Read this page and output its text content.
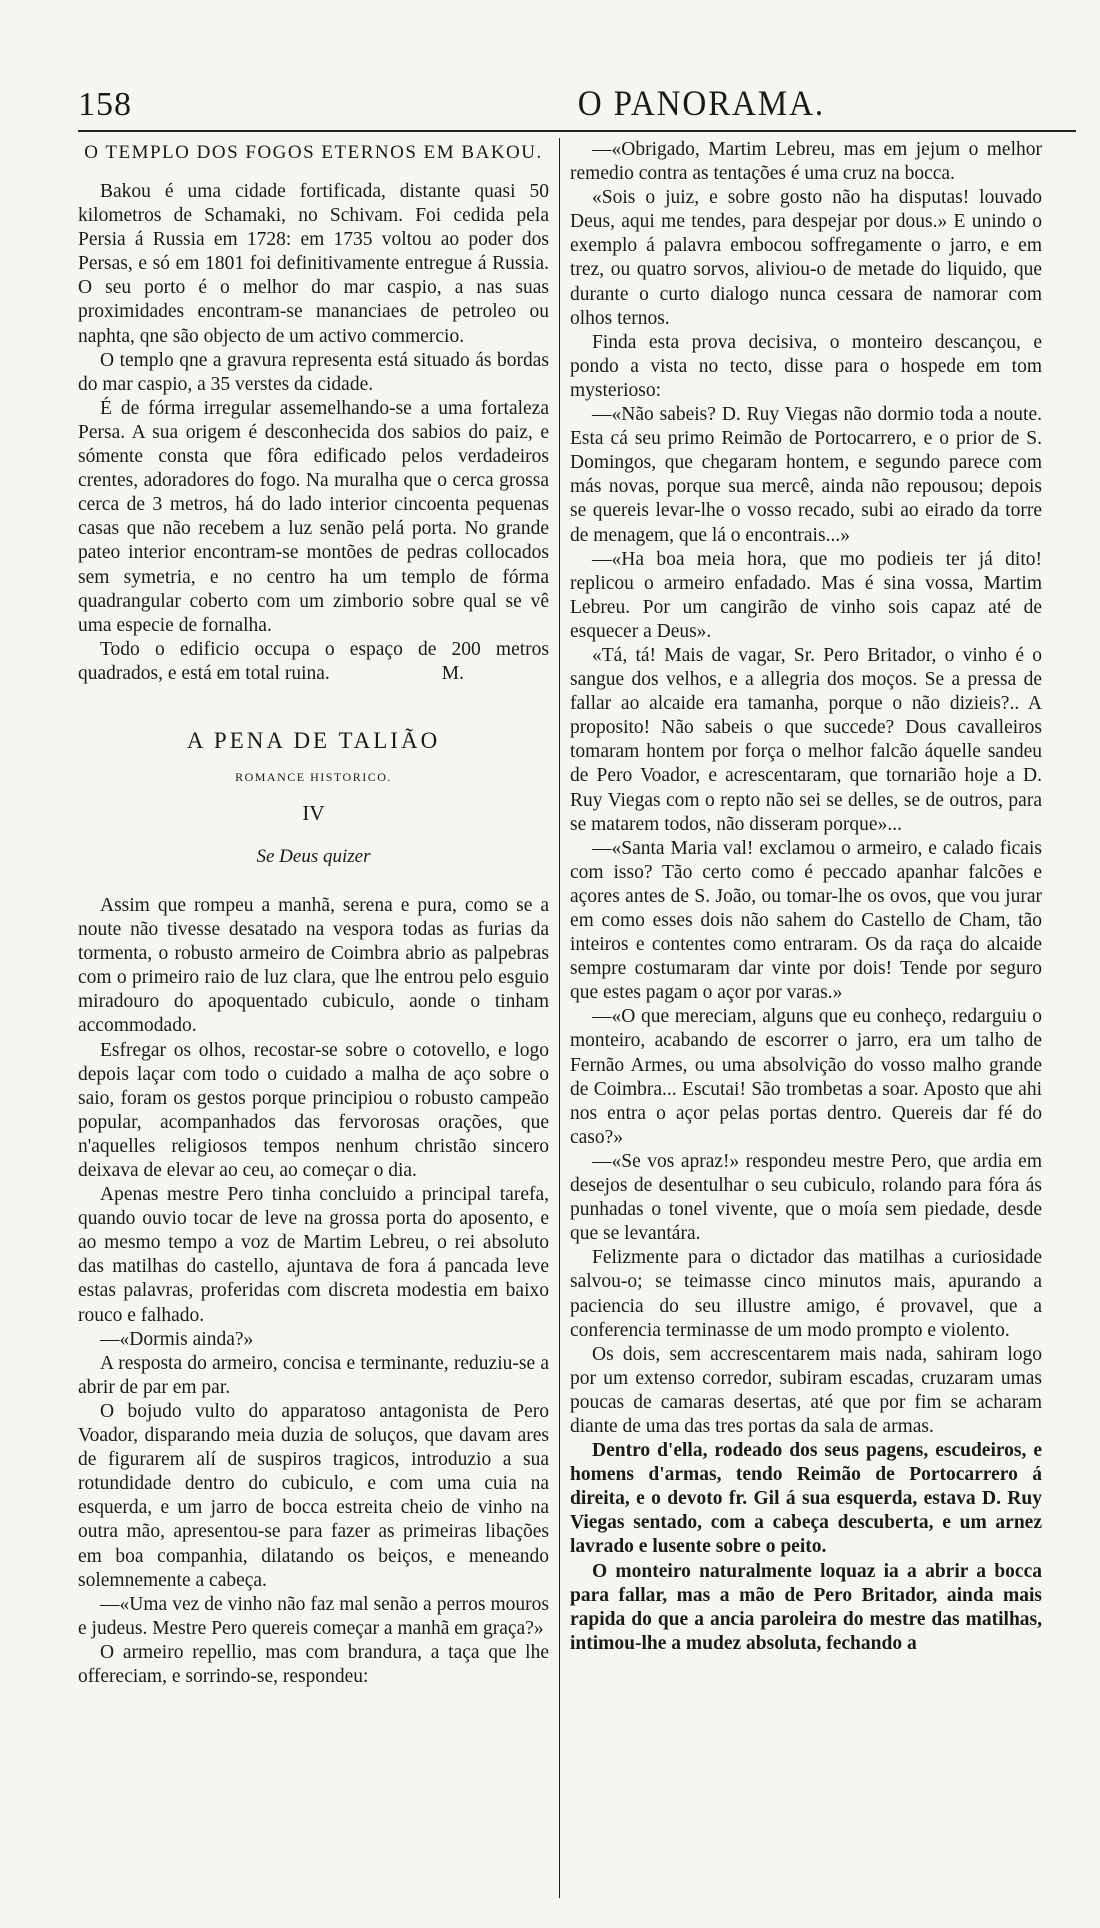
158	O PANORAMA.
O TEMPLO DOS FOGOS ETERNOS EM BAKOU.

Bakou é uma cidade fortificada, distante quasi 50 kilometros de Schamaki, no Schivam. Foi cedida pela Persia á Russia em 1728: em 1735 voltou ao poder dos Persas, e só em 1801 foi definitivamente entregue á Russia. O seu porto é o melhor do mar caspio, a nas suas proximidades encontram-se mananciaes de petroleo ou naphta, qne são objecto de um activo commercio.

O templo qne a gravura representa está situado ás bordas do mar caspio, a 35 verstes da cidade.

É de fórma irregular assemelhando-se a uma fortaleza Persa. A sua origem é desconhecida dos sabios do paiz, e sómente consta que fôra edificado pelos verdadeiros crentes, adoradores do fogo. Na muralha que o cerca grossa cerca de 3 metros, há do lado interior cincoenta pequenas casas que não recebem a luz senão pelá porta. No grande pateo interior encontram-se montões de pedras collocados sem symetria, e no centro ha um templo de fórma quadrangular coberto com um zimborio sobre qual se vê uma especie de fornalha.

Todo o edificio occupa o espaço de 200 metros quadrados, e está em total ruina.	M.

A PENA DE TALIÃO
ROMANCE HISTORICO.
IV
Se Deus quizer

Assim que rompeu a manhã, serena e pura, como se a noute não tivesse desatado na vespora todas as furias da tormenta, o robusto armeiro de Coimbra abrio as palpebras com o primeiro raio de luz clara, que lhe entrou pelo esguio miradouro do apoquentado cubiculo, aonde o tinham accommodado.

Esfregar os olhos, recostar-se sobre o cotovello, e logo depois laçar com todo o cuidado a malha de aço sobre o saio, foram os gestos porque principiou o robusto campeão popular, acompanhados das fervorosas orações, que n'aquelles religiosos tempos nenhum christão sincero deixava de elevar ao ceu, ao começar o dia.

Apenas mestre Pero tinha concluido a principal tarefa, quando ouvio tocar de leve na grossa porta do aposento, e ao mesmo tempo a voz de Martim Lebreu, o rei absoluto das matilhas do castello, ajuntava de fora á pancada leve estas palavras, proferidas com discreta modestia em baixo rouco e falhado.

—«Dormis ainda?»

A resposta do armeiro, concisa e terminante, reduziu-se a abrir de par em par.

O bojudo vulto do apparatoso antagonista de Pero Voador, disparando meia duzia de soluços, que davam ares de figurarem alí de suspiros tragicos, introduzio a sua rotundidade dentro do cubiculo, e com uma cuia na esquerda, e um jarro de bocca estreita cheio de vinho na outra mão, apresentou-se para fazer as primeiras libações em boa companhia, dilatando os beiços, e meneando solemnemente a cabeça.

—«Uma vez de vinho não faz mal senão a perros mouros e judeus. Mestre Pero quereis começar a manhã em graça?»

O armeiro repellio, mas com brandura, a taça que lhe offereciam, e sorrindo-se, respondeu:

—«Obrigado, Martim Lebreu, mas em jejum o melhor remedio contra as tentações é uma cruz na bocca.

«Sois o juiz, e sobre gosto não ha disputas! louvado Deus, aqui me tendes, para despejar por dous.» E unindo o exemplo á palavra embocou soffregamente o jarro, e em trez, ou quatro sorvos, aliviou-o de metade do liquido, que durante o curto dialogo nunca cessara de namorar com olhos ternos.

Finda esta prova decisiva, o monteiro descançou, e pondo a vista no tecto, disse para o hospede em tom mysterioso:

—«Não sabeis? D. Ruy Viegas não dormio toda a noute. Esta cá seu primo Reimão de Portocarrero, e o prior de S. Domingos, que chegaram hontem, e segundo parece com más novas, porque sua mercê, ainda não repousou; depois se quereis levar-lhe o vosso recado, subi ao eirado da torre de menagem, que lá o encontrais...»

—«Ha boa meia hora, que mo podieis ter já dito! replicou o armeiro enfadado. Mas é sina vossa, Martim Lebreu. Por um cangirão de vinho sois capaz até de esquecer a Deus».

«Tá, tá! Mais de vagar, Sr. Pero Britador, o vinho é o sangue dos velhos, e a allegria dos moços. Se a pressa de fallar ao alcaide era tamanha, porque o não dizieis?.. A proposito! Não sabeis o que succede? Dous cavalleiros tomaram hontem por força o melhor falcão áquelle sandeu de Pero Voador, e acrescentaram, que tornarião hoje a D. Ruy Viegas com o repto não sei se delles, se de outros, para se matarem todos, não disseram porque»...

—«Santa Maria val! exclamou o armeiro, e calado ficais com isso? Tão certo como é peccado apanhar falcões e açores antes de S. João, ou tomar-lhe os ovos, que vou jurar em como esses dois não sahem do Castello de Cham, tão inteiros e contentes como entraram. Os da raça do alcaide sempre costumaram dar vinte por dois! Tende por seguro que estes pagam o açor por varas.»

—«O que mereciam, alguns que eu conheço, redarguiu o monteiro, acabando de escorrer o jarro, era um talho de Fernão Armes, ou uma absolvição do vosso malho grande de Coimbra... Escutai! São trombetas a soar. Aposto que ahi nos entra o açor pelas portas dentro. Quereis dar fé do caso?»

—«Se vos apraz!» respondeu mestre Pero, que ardia em desejos de desentulhar o seu cubiculo, rolando para fóra ás punhadas o tonel vivente, que o moía sem piedade, desde que se levantára.

Felizmente para o dictador das matilhas a curiosidade salvou-o; se teimasse cinco minutos mais, apurando a paciencia do seu illustre amigo, é provavel, que a conferencia terminasse de um modo prompto e violento.

Os dois, sem accrescentarem mais nada, sahiram logo por um extenso corredor, subiram escadas, cruzaram umas poucas de camaras desertas, até que por fim se acharam diante de uma das tres portas da sala de armas.

Dentro d'ella, rodeado dos seus pagens, escudeiros, e homens d'armas, tendo Reimão de Portocarrero á direita, e o devoto fr. Gil á sua esquerda, estava D. Ruy Viegas sentado, com a cabeça descuberta, e um arnez lavrado e lusente sobre o peito.

O monteiro naturalmente loquaz ia a abrir a bocca para fallar, mas a mão de Pero Britador, ainda mais rapida do que a ancia paroleira do mestre das matilhas, intimou-lhe a mudez absoluta, fechando a
